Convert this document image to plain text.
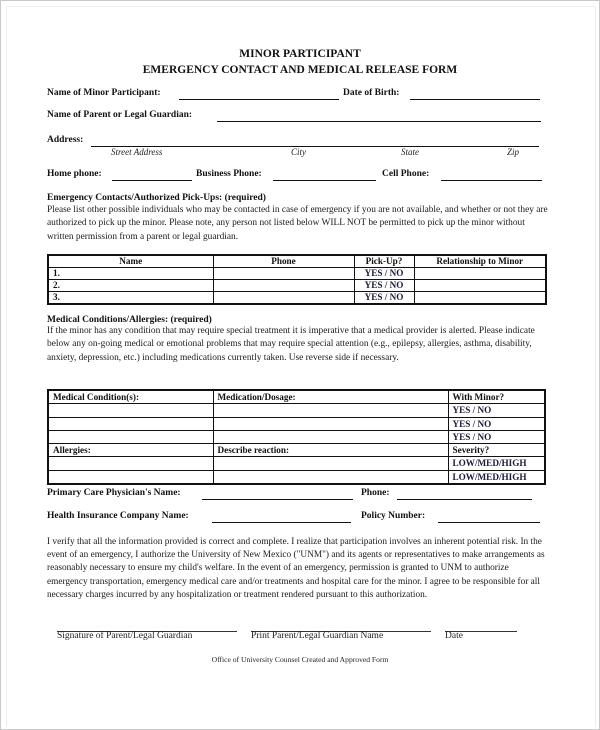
MINOR PARTICIPANT
EMERGENCY CONTACT AND MEDICAL RELEASE FORM
Name of Minor Participant:	Date of Birth:
Name of Parent or Legal Guardian:
Address:
Street Address	City	State	Zip
Home phone:	Business Phone:	Cell Phone:
Emergency Contacts/Authorized Pick-Ups: (required)
Please list other possible individuals who may be contacted in case of emergency if you are not available, and whether or not they are authorized to pick up the minor. Please note, any person not listed below WILL NOT be permitted to pick up the minor without written permission from a parent or legal guardian.
Name	Phone	Pick-Up?	Relationship to Minor
1.		YES / NO	
2.		YES / NO	
3.		YES / NO	
Medical Conditions/Allergies: (required)
If the minor has any condition that may require special treatment it is imperative that a medical provider is alerted. Please indicate below any on-going medical or emotional problems that may require special attention (e.g., epilepsy, allergies, asthma, disability, anxiety, depression, etc.) including medications currently taken. Use reverse side if necessary.
Medical Condition(s):	Medication/Dosage:	With Minor?
		YES / NO
		YES / NO
		YES / NO
Allergies:	Describe reaction:	Severity?
		LOW/MED/HIGH
		LOW/MED/HIGH
Primary Care Physician's Name:	Phone:
Health Insurance Company Name:	Policy Number:
I verify that all the information provided is correct and complete. I realize that participation involves an inherent potential risk. In the event of an emergency, I authorize the University of New Mexico ("UNM") and its agents or representatives to make arrangements as reasonably necessary to ensure my child's welfare. In the event of an emergency, permission is granted to UNM to authorize emergency transportation, emergency medical care and/or treatments and hospital care for the minor. I agree to be responsible for all necessary charges incurred by any hospitalization or treatment rendered pursuant to this authorization.
Signature of Parent/Legal Guardian	Print Parent/Legal Guardian Name	Date
Office of University Counsel Created and Approved Form
